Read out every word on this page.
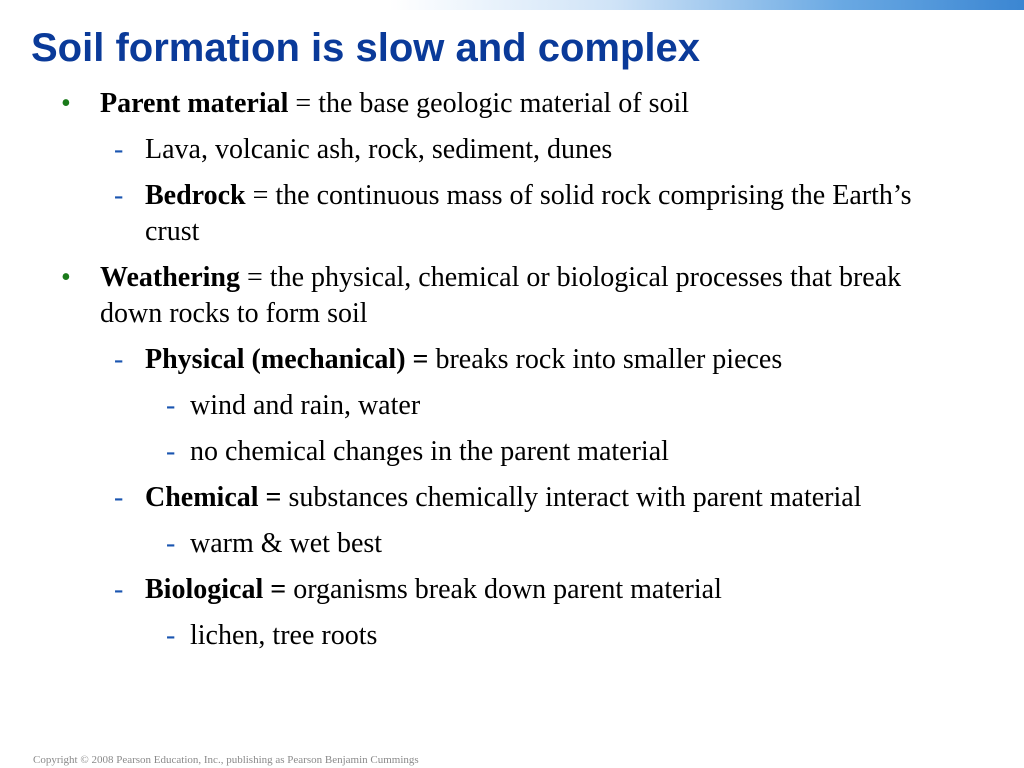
Soil formation is slow and complex

• Parent material = the base geologic material of soil

- Lava, volcanic ash, rock, sediment, dunes

- Bedrock = the continuous mass of solid rock comprising the Earth’s crust

• Weathering = the physical, chemical or biological processes that break down rocks to form soil

- Physical (mechanical) = breaks rock into smaller pieces

- wind and rain, water

- no chemical changes in the parent material

- Chemical = substances chemically interact with parent material

- warm & wet best

- Biological = organisms break down parent material

- lichen, tree roots

Copyright © 2008 Pearson Education, Inc., publishing as Pearson Benjamin Cummings
